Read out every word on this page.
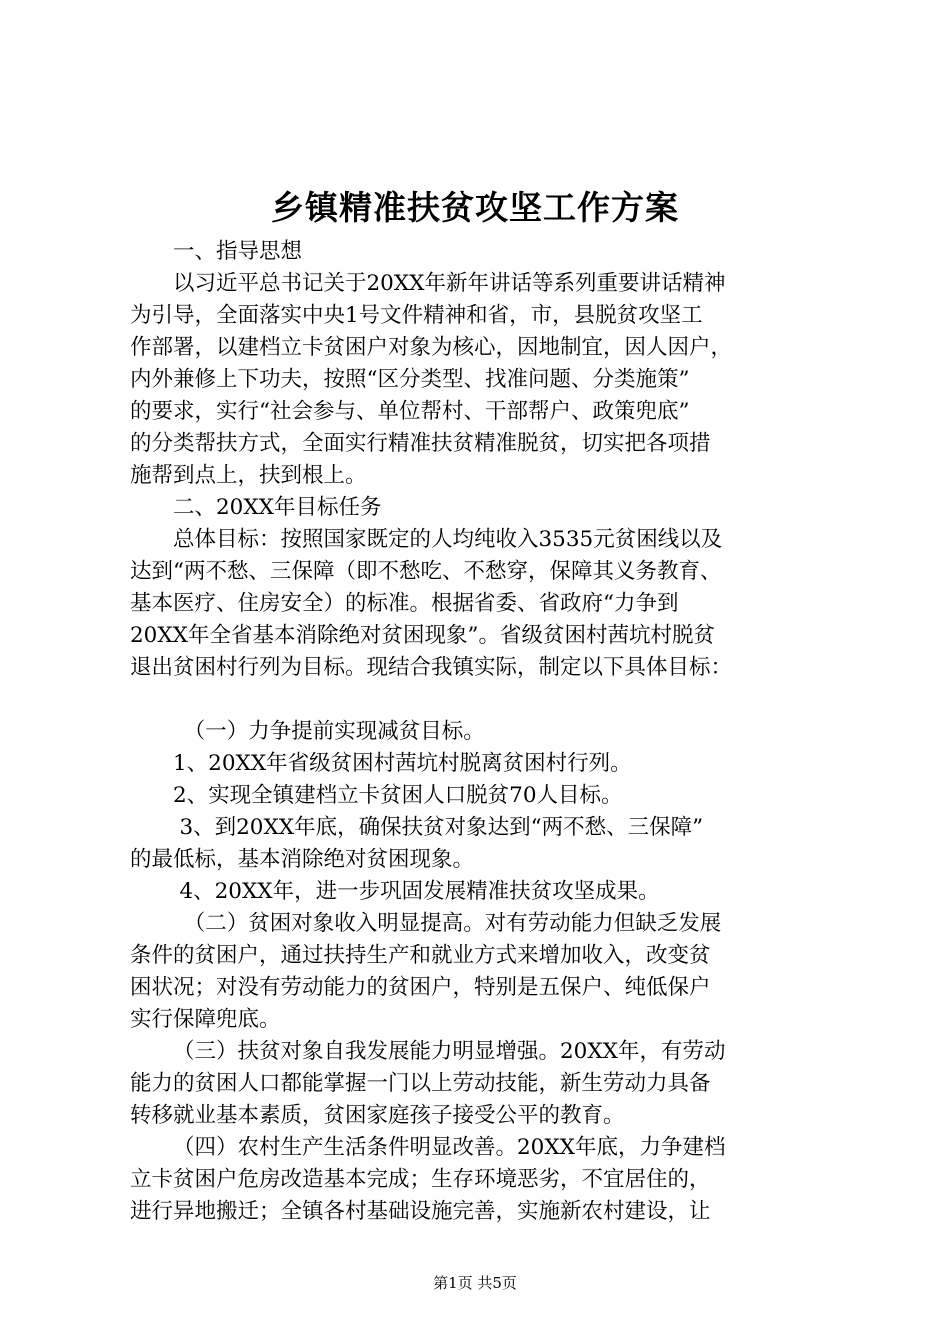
乡镇精准扶贫攻坚工作方案
一、指导思想
以习近平总书记关于20XX年新年讲话等系列重要讲话精神
为引导，全面落实中央1号文件精神和省，市，县脱贫攻坚工
作部署，以建档立卡贫困户对象为核心，因地制宜，因人因户，
内外兼修上下功夫，按照“区分类型、找准问题、分类施策”
的要求，实行“社会参与、单位帮村、干部帮户、政策兜底”
的分类帮扶方式，全面实行精准扶贫精准脱贫，切实把各项措
施帮到点上，扶到根上。
二、20XX年目标任务
总体目标：按照国家既定的人均纯收入3535元贫困线以及
达到“两不愁、三保障（即不愁吃、不愁穿，保障其义务教育、
基本医疗、住房安全）的标准。根据省委、省政府“力争到
20XX年全省基本消除绝对贫困现象”。省级贫困村茜坑村脱贫
退出贫困村行列为目标。现结合我镇实际，制定以下具体目标：
（一）力争提前实现减贫目标。
1、20XX年省级贫困村茜坑村脱离贫困村行列。
2、实现全镇建档立卡贫困人口脱贫70人目标。
3、到20XX年底，确保扶贫对象达到“两不愁、三保障”
的最低标，基本消除绝对贫困现象。
4、20XX年，进一步巩固发展精准扶贫攻坚成果。
（二）贫困对象收入明显提高。对有劳动能力但缺乏发展
条件的贫困户，通过扶持生产和就业方式来增加收入，改变贫
困状况；对没有劳动能力的贫困户，特别是五保户、纯低保户
实行保障兜底。
（三）扶贫对象自我发展能力明显增强。20XX年，有劳动
能力的贫困人口都能掌握一门以上劳动技能，新生劳动力具备
转移就业基本素质，贫困家庭孩子接受公平的教育。
（四）农村生产生活条件明显改善。20XX年底，力争建档
立卡贫困户危房改造基本完成；生存环境恶劣，不宜居住的，
进行异地搬迁；全镇各村基础设施完善，实施新农村建设，让
第1页 共5页
